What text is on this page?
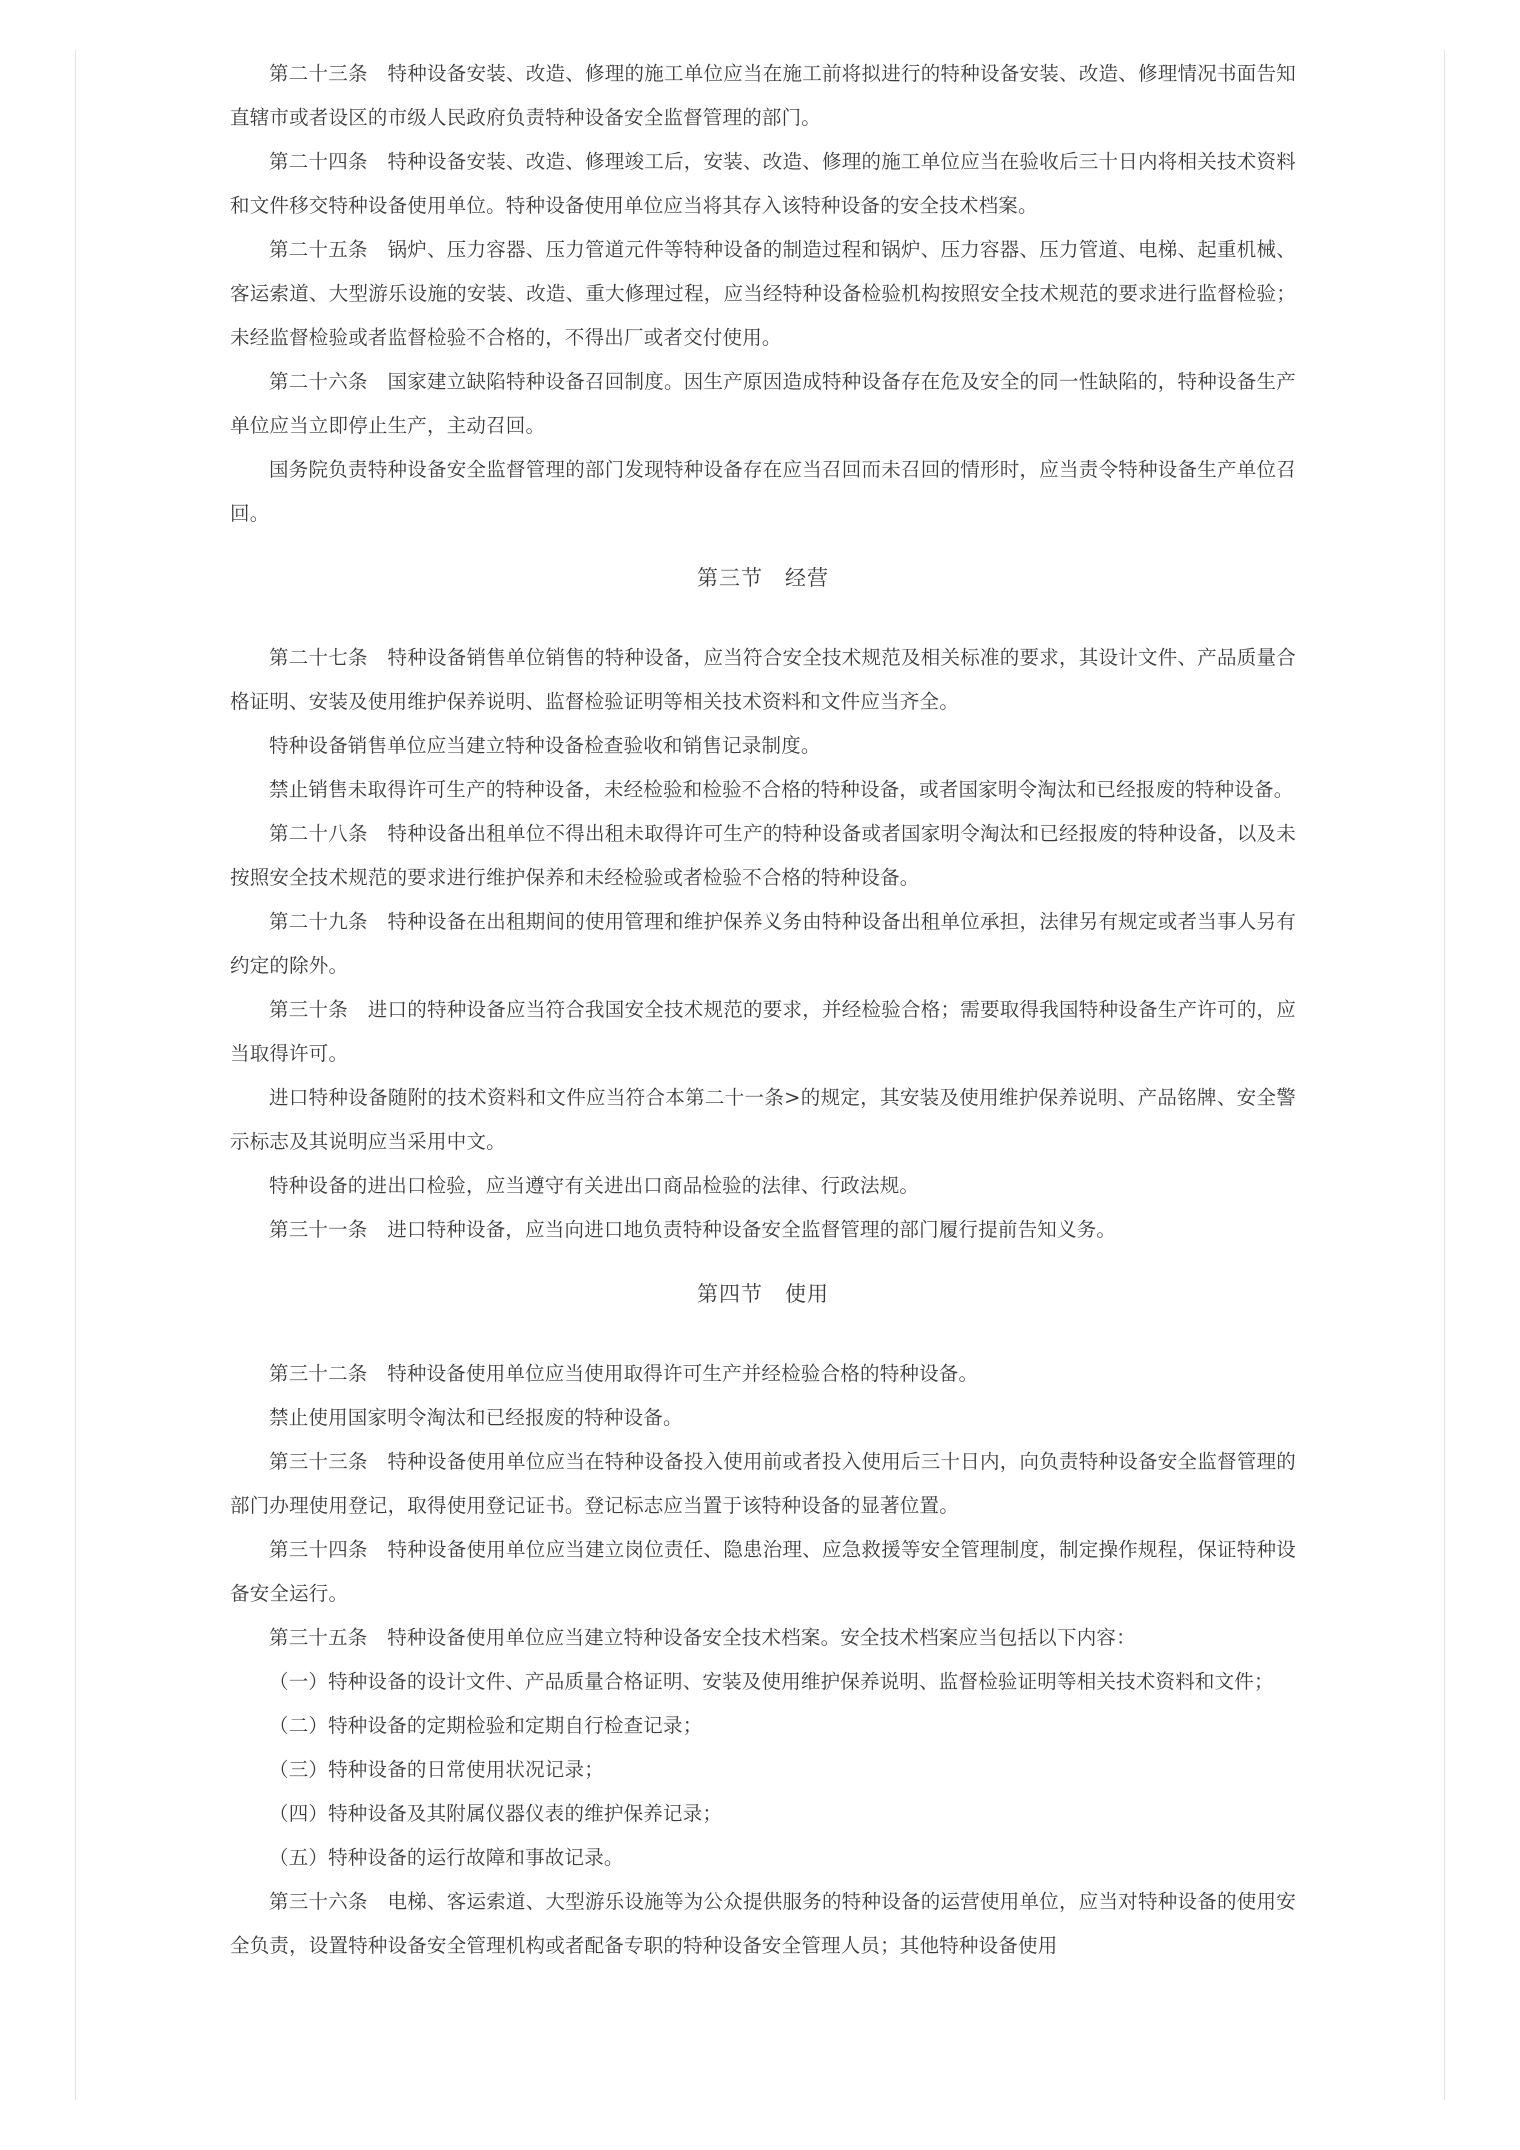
第二十三条　特种设备安装、改造、修理的施工单位应当在施工前将拟进行的特种设备安装、改造、修理情况书面告知直辖市或者设区的市级人民政府负责特种设备安全监督管理的部门。

第二十四条　特种设备安装、改造、修理竣工后，安装、改造、修理的施工单位应当在验收后三十日内将相关技术资料和文件移交特种设备使用单位。特种设备使用单位应当将其存入该特种设备的安全技术档案。

第二十五条　锅炉、压力容器、压力管道元件等特种设备的制造过程和锅炉、压力容器、压力管道、电梯、起重机械、客运索道、大型游乐设施的安装、改造、重大修理过程，应当经特种设备检验机构按照安全技术规范的要求进行监督检验；未经监督检验或者监督检验不合格的，不得出厂或者交付使用。

第二十六条　国家建立缺陷特种设备召回制度。因生产原因造成特种设备存在危及安全的同一性缺陷的，特种设备生产单位应当立即停止生产，主动召回。

国务院负责特种设备安全监督管理的部门发现特种设备存在应当召回而未召回的情形时，应当责令特种设备生产单位召回。

第三节　经营

第二十七条　特种设备销售单位销售的特种设备，应当符合安全技术规范及相关标准的要求，其设计文件、产品质量合格证明、安装及使用维护保养说明、监督检验证明等相关技术资料和文件应当齐全。

特种设备销售单位应当建立特种设备检查验收和销售记录制度。

禁止销售未取得许可生产的特种设备，未经检验和检验不合格的特种设备，或者国家明令淘汰和已经报废的特种设备。

第二十八条　特种设备出租单位不得出租未取得许可生产的特种设备或者国家明令淘汰和已经报废的特种设备，以及未按照安全技术规范的要求进行维护保养和未经检验或者检验不合格的特种设备。

第二十九条　特种设备在出租期间的使用管理和维护保养义务由特种设备出租单位承担，法律另有规定或者当事人另有约定的除外。

第三十条　进口的特种设备应当符合我国安全技术规范的要求，并经检验合格；需要取得我国特种设备生产许可的，应当取得许可。

进口特种设备随附的技术资料和文件应当符合本第二十一条>的规定，其安装及使用维护保养说明、产品铭牌、安全警示标志及其说明应当采用中文。

特种设备的进出口检验，应当遵守有关进出口商品检验的法律、行政法规。

第三十一条　进口特种设备，应当向进口地负责特种设备安全监督管理的部门履行提前告知义务。

第四节　使用

第三十二条　特种设备使用单位应当使用取得许可生产并经检验合格的特种设备。

禁止使用国家明令淘汰和已经报废的特种设备。

第三十三条　特种设备使用单位应当在特种设备投入使用前或者投入使用后三十日内，向负责特种设备安全监督管理的部门办理使用登记，取得使用登记证书。登记标志应当置于该特种设备的显著位置。

第三十四条　特种设备使用单位应当建立岗位责任、隐患治理、应急救援等安全管理制度，制定操作规程，保证特种设备安全运行。

第三十五条　特种设备使用单位应当建立特种设备安全技术档案。安全技术档案应当包括以下内容：

（一）特种设备的设计文件、产品质量合格证明、安装及使用维护保养说明、监督检验证明等相关技术资料和文件；

（二）特种设备的定期检验和定期自行检查记录；

（三）特种设备的日常使用状况记录；

（四）特种设备及其附属仪器仪表的维护保养记录；

（五）特种设备的运行故障和事故记录。

第三十六条　电梯、客运索道、大型游乐设施等为公众提供服务的特种设备的运营使用单位，应当对特种设备的使用安全负责，设置特种设备安全管理机构或者配备专职的特种设备安全管理人员；其他特种设备使用
